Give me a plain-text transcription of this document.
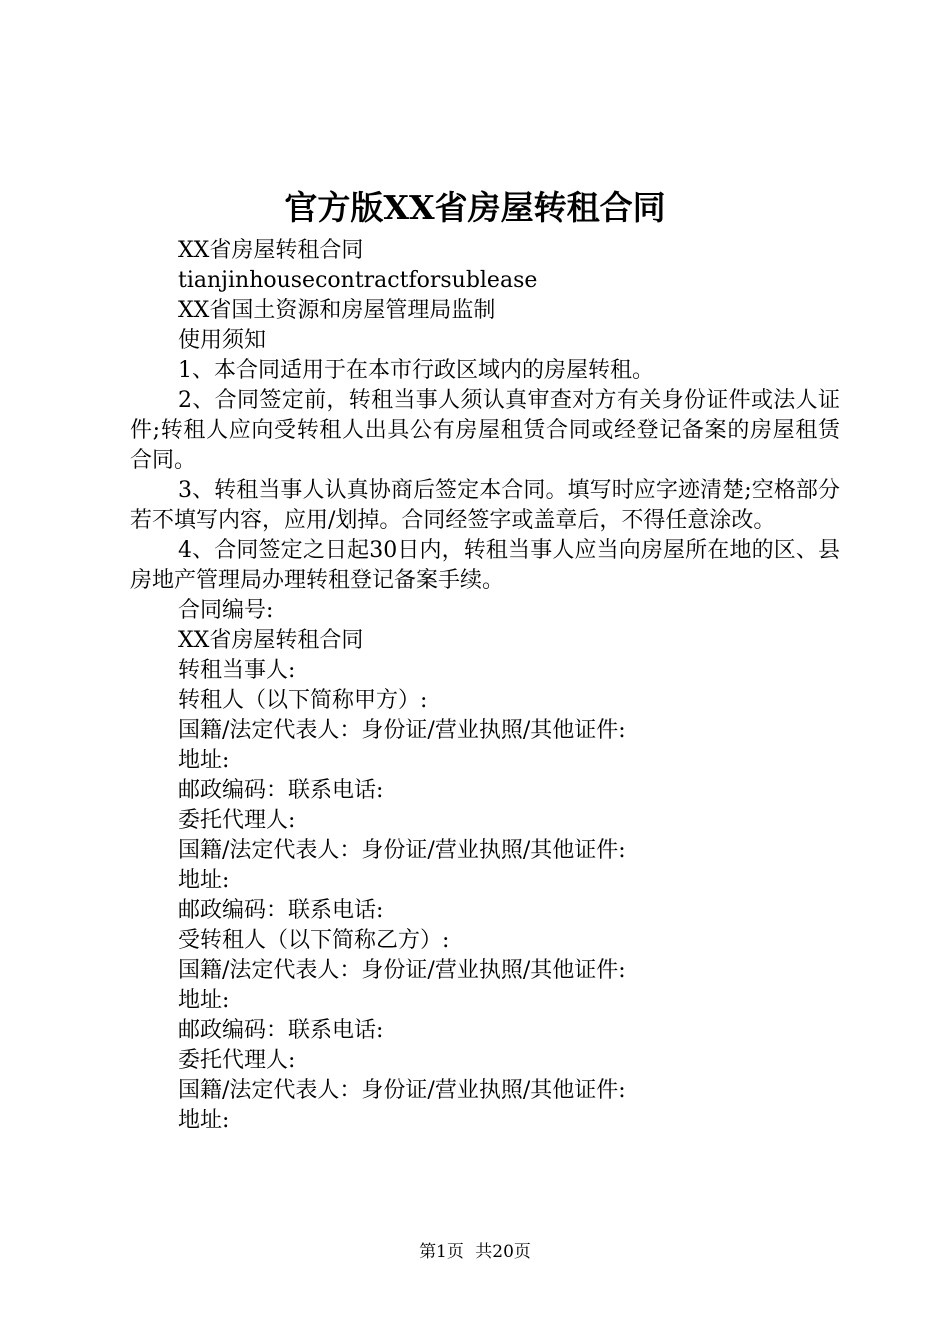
官方版XX省房屋转租合同

XX省房屋转租合同

tianjinhousecontractforsublease

XX省国土资源和房屋管理局监制

使用须知

1、本合同适用于在本市行政区域内的房屋转租。

2、合同签定前，转租当事人须认真审查对方有关身份证件或法人证件;转租人应向受转租人出具公有房屋租赁合同或经登记备案的房屋租赁合同。

3、转租当事人认真协商后签定本合同。填写时应字迹清楚;空格部分若不填写内容，应用/划掉。合同经签字或盖章后，不得任意涂改。

4、合同签定之日起30日内，转租当事人应当向房屋所在地的区、县房地产管理局办理转租登记备案手续。

合同编号:

XX省房屋转租合同

转租当事人:

转租人（以下简称甲方）:

国籍/法定代表人：身份证/营业执照/其他证件:

地址:

邮政编码：联系电话:

委托代理人:

国籍/法定代表人：身份证/营业执照/其他证件:

地址:

邮政编码：联系电话:

受转租人（以下简称乙方）:

国籍/法定代表人：身份证/营业执照/其他证件:

地址:

邮政编码：联系电话:

委托代理人:

国籍/法定代表人：身份证/营业执照/其他证件:

地址:

第1页 共20页
